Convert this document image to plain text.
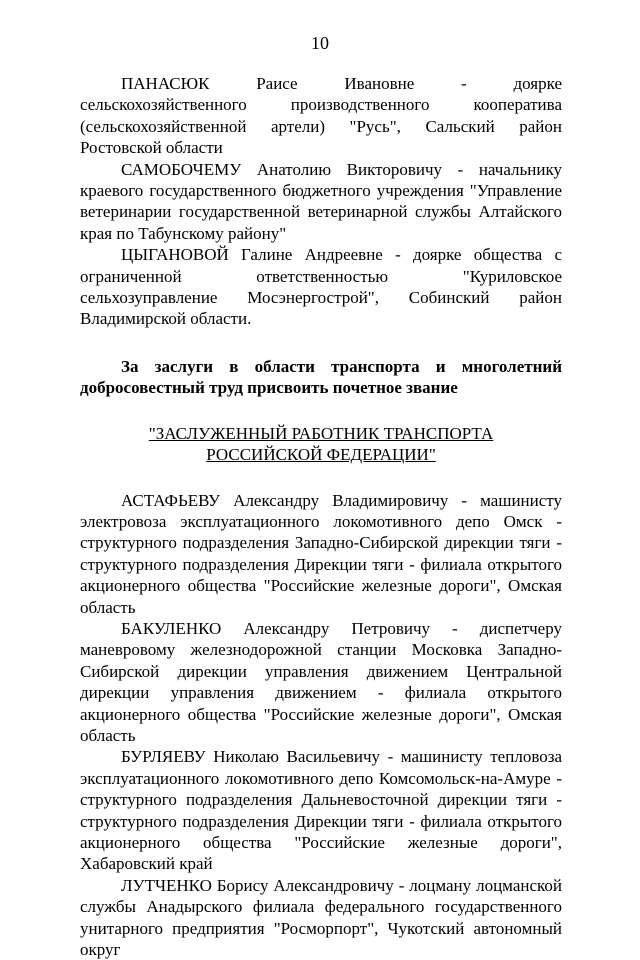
10

ПАНАСЮК Раисе Ивановне - доярке сельскохозяйственного производственного кооператива (сельскохозяйственной артели) "Русь", Сальский район Ростовской области

САМОБОЧЕМУ Анатолию Викторовичу - начальнику краевого государственного бюджетного учреждения "Управление ветеринарии государственной ветеринарной службы Алтайского края по Табунскому району"

ЦЫГАНОВОЙ Галине Андреевне - доярке общества с ограниченной ответственностью "Куриловское сельхозуправление Мосэнергострой", Собинский район Владимирской области.

За заслуги в области транспорта и многолетний добросовестный труд присвоить почетное звание

"ЗАСЛУЖЕННЫЙ РАБОТНИК ТРАНСПОРТА
РОССИЙСКОЙ ФЕДЕРАЦИИ"

АСТАФЬЕВУ Александру Владимировичу - машинисту электровоза эксплуатационного локомотивного депо Омск - структурного подразделения Западно-Сибирской дирекции тяги - структурного подразделения Дирекции тяги - филиала открытого акционерного общества "Российские железные дороги", Омская область

БАКУЛЕНКО Александру Петровичу - диспетчеру маневровому железнодорожной станции Московка Западно-Сибирской дирекции управления движением Центральной дирекции управления движением - филиала открытого акционерного общества "Российские железные дороги", Омская область

БУРЛЯЕВУ Николаю Васильевичу - машинисту тепловоза эксплуатационного локомотивного депо Комсомольск-на-Амуре - структурного подразделения Дальневосточной дирекции тяги - структурного подразделения Дирекции тяги - филиала открытого акционерного общества "Российские железные дороги", Хабаровский край

ЛУТЧЕНКО Борису Александровичу - лоцману лоцманской службы Анадырского филиала федерального государственного унитарного предприятия "Росморпорт", Чукотский автономный округ
